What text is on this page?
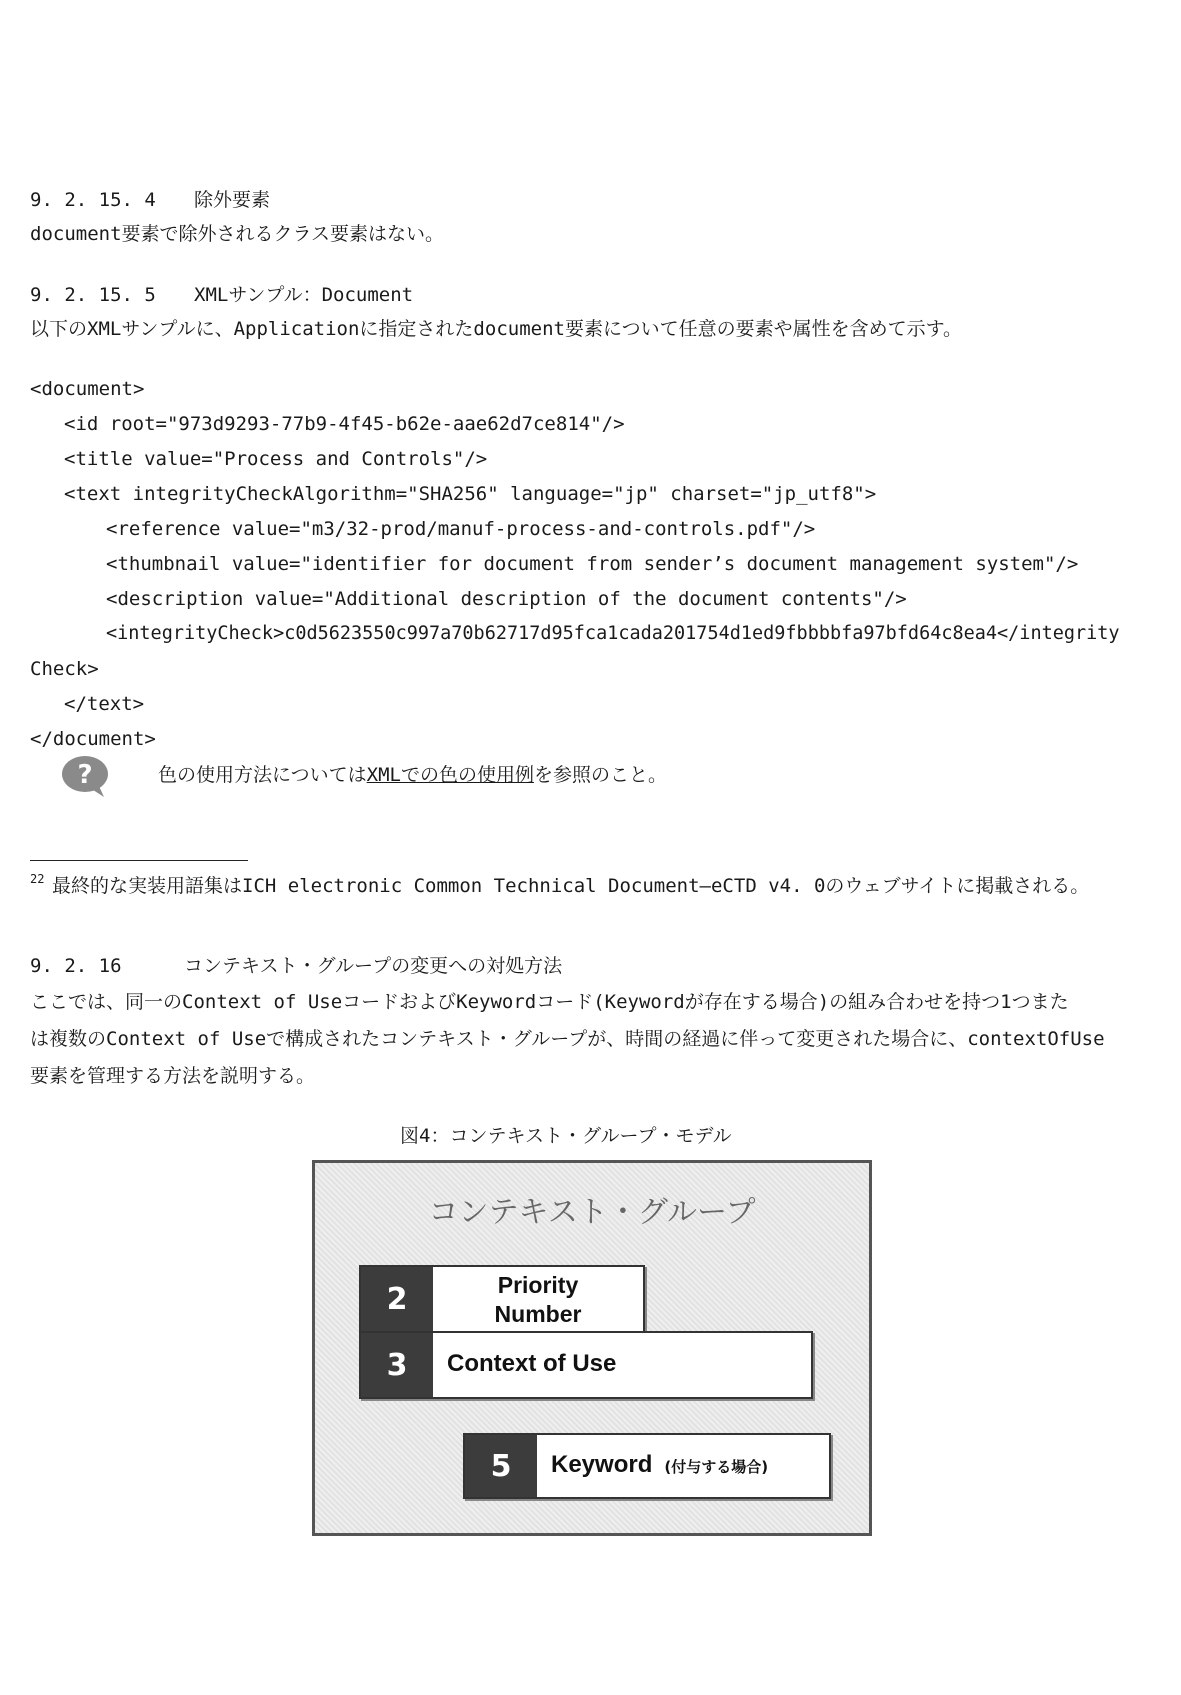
9. 2. 15. 4 除外要素
document要素で除外されるクラス要素はない。
9. 2. 15. 5 XMLサンプル：Document
以下のXMLサンプルに、Applicationに指定されたdocument要素について任意の要素や属性を含めて示す。
<document>
<id root="973d9293-77b9-4f45-b62e-aae62d7ce814"/>
<title value="Process and Controls"/>
<text integrityCheckAlgorithm="SHA256" language="jp" charset="jp_utf8">
<reference value="m3/32-prod/manuf-process-and-controls.pdf"/>
<thumbnail value="identifier for document from sender’s document management system"/>
<description value="Additional description of the document contents"/>
<integrityCheck>c0d5623550c997a70b62717d95fca1cada201754d1ed9fbbbbfa97bfd64c8ea4</integrity
Check>
</text>
</document>
?	色の使用方法についてはXMLでの色の使用例を参照のこと。
22 最終的な実装用語集はICH electronic Common Technical Document—eCTD v4. 0のウェブサイトに掲載される。
9. 2. 16	コンテキスト・グループの変更への対処方法
ここでは、同一のContext of UseコードおよびKeywordコード(Keywordが存在する場合)の組み合わせを持つ1つまた
は複数のContext of Useで構成されたコンテキスト・グループが、時間の経過に伴って変更された場合に、contextOfUse
要素を管理する方法を説明する。
図4：コンテキスト・グループ・モデル
コンテキスト・グループ
2	Priority
Number
3	Context of Use
5	Keyword (付与する場合)
